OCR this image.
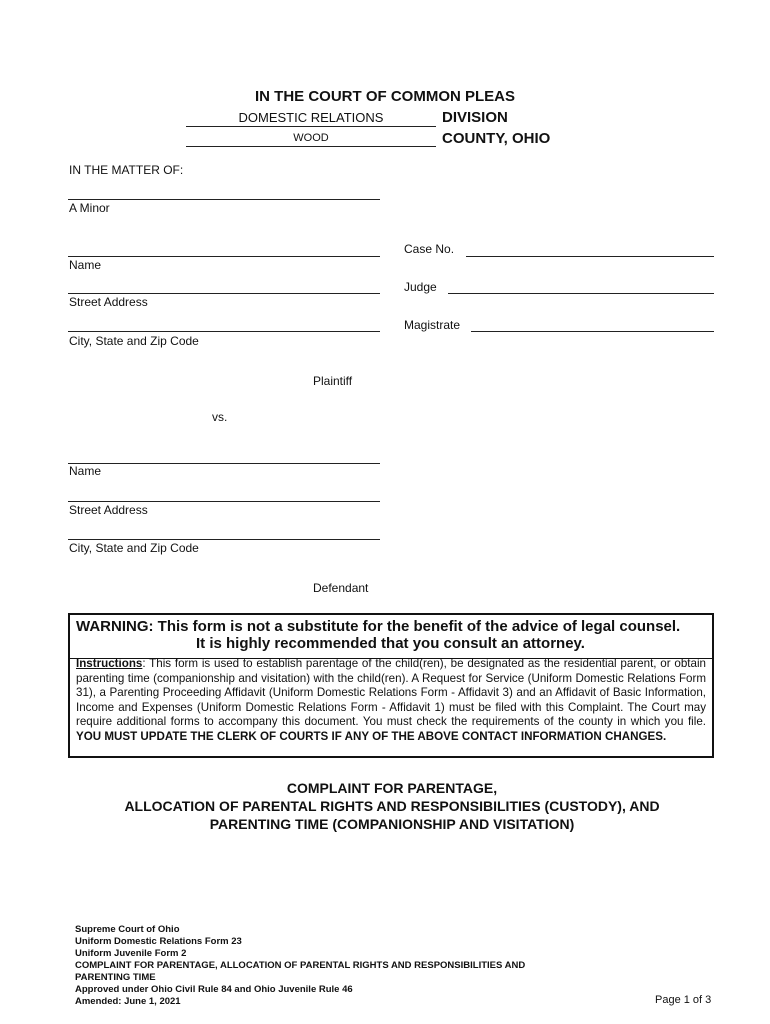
IN THE COURT OF COMMON PLEAS
DOMESTIC RELATIONS	DIVISION
WOOD	COUNTY, OHIO
IN THE MATTER OF:
A Minor
Name
Street Address
City, State and Zip Code
Plaintiff
Case No.
Judge
Magistrate
vs.
Name
Street Address
City, State and Zip Code
Defendant
WARNING: This form is not a substitute for the benefit of the advice of legal counsel.
It is highly recommended that you consult an attorney.
Instructions: This form is used to establish parentage of the child(ren), be designated as the residential parent, or obtain parenting time (companionship and visitation) with the child(ren). A Request for Service (Uniform Domestic Relations Form 31), a Parenting Proceeding Affidavit (Uniform Domestic Relations Form - Affidavit 3) and an Affidavit of Basic Information, Income and Expenses (Uniform Domestic Relations Form - Affidavit 1) must be filed with this Complaint. The Court may require additional forms to accompany this document. You must check the requirements of the county in which you file. YOU MUST UPDATE THE CLERK OF COURTS IF ANY OF THE ABOVE CONTACT INFORMATION CHANGES.
COMPLAINT FOR PARENTAGE,
ALLOCATION OF PARENTAL RIGHTS AND RESPONSIBILITIES (CUSTODY), AND
PARENTING TIME (COMPANIONSHIP AND VISITATION)
Supreme Court of Ohio
Uniform Domestic Relations Form 23
Uniform Juvenile Form 2
COMPLAINT FOR PARENTAGE, ALLOCATION OF PARENTAL RIGHTS AND RESPONSIBILITIES AND
PARENTING TIME
Approved under Ohio Civil Rule 84 and Ohio Juvenile Rule 46
Amended: June 1, 2021	Page 1 of 3
